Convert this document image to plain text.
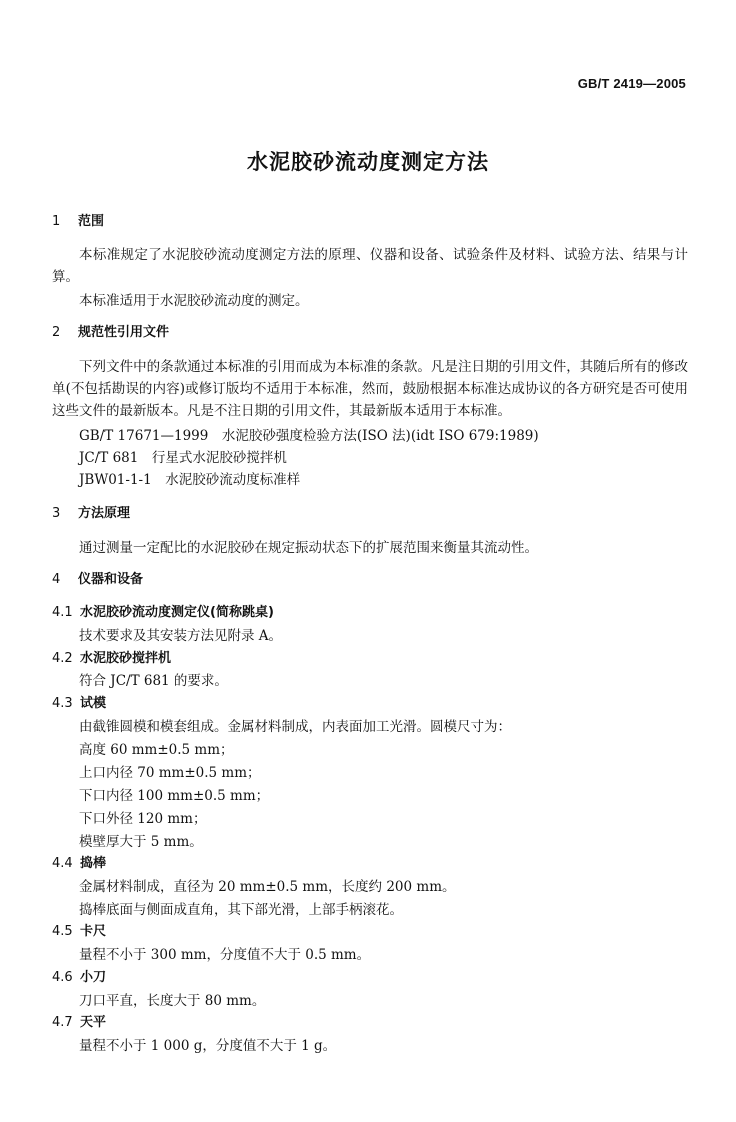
GB/T 2419—2005
水泥胶砂流动度测定方法
1 范围
本标准规定了水泥胶砂流动度测定方法的原理、仪器和设备、试验条件及材料、试验方法、结果与计算。
本标准适用于水泥胶砂流动度的测定。
2 规范性引用文件
下列文件中的条款通过本标准的引用而成为本标准的条款。凡是注日期的引用文件，其随后所有的修改单(不包括勘误的内容)或修订版均不适用于本标准，然而，鼓励根据本标准达成协议的各方研究是否可使用这些文件的最新版本。凡是不注日期的引用文件，其最新版本适用于本标准。
GB/T 17671—1999　水泥胶砂强度检验方法(ISO 法)(idt ISO 679:1989)
JC/T 681　行星式水泥胶砂搅拌机
JBW01-1-1　水泥胶砂流动度标准样
3 方法原理
通过测量一定配比的水泥胶砂在规定振动状态下的扩展范围来衡量其流动性。
4 仪器和设备
4.1 水泥胶砂流动度测定仪(简称跳桌)
技术要求及其安装方法见附录 A。
4.2 水泥胶砂搅拌机
符合 JC/T 681 的要求。
4.3 试模
由截锥圆模和模套组成。金属材料制成，内表面加工光滑。圆模尺寸为：
高度 60 mm±0.5 mm；
上口内径 70 mm±0.5 mm；
下口内径 100 mm±0.5 mm；
下口外径 120 mm；
模壁厚大于 5 mm。
4.4 捣棒
金属材料制成，直径为 20 mm±0.5 mm，长度约 200 mm。
捣棒底面与侧面成直角，其下部光滑，上部手柄滚花。
4.5 卡尺
量程不小于 300 mm，分度值不大于 0.5 mm。
4.6 小刀
刀口平直，长度大于 80 mm。
4.7 天平
量程不小于 1 000 g，分度值不大于 1 g。
